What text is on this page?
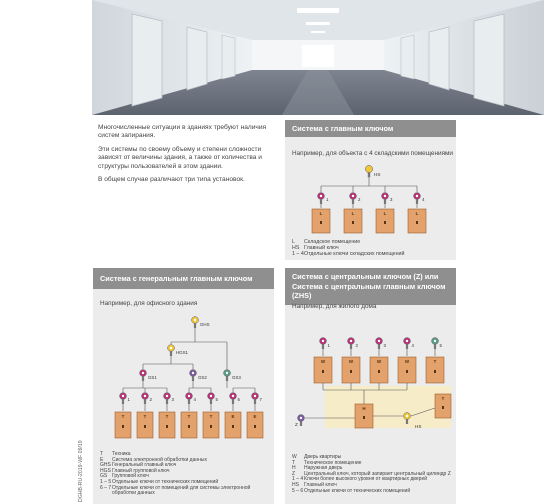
Многочисленные ситуации в зданиях требуют наличия систем запирания.

Эти системы по своему объему и степени сложности зависят от величины здания, а также от количества и структуры пользователей в этом здании.

В общем случае различают три типа установок.

Система с главным ключом
Например, для объекта с 4 складскими помещениями
HS
1
L
2
L
3
L
4
L
L	Складское помещение
HS Главный ключ
1 – 4 Отдельные ключи складских помещений
Система с генеральным главным ключом
Например, для офисного здания
GHS
HGS1
GS1	GS2	GS3
1
T
2
T
3
T
4
T
5
T
6
E
7
E
T	Техника
E	Система электронной обработки данных
GHS Генеральный главный ключ
HGS Главный групповой ключ
GS Групповой ключ
1 – 5 Отдельные ключи от технических помещений
6 – 7 Отдельные ключи от помещений для системы электронной обработки данных
Система с центральным ключом (Z) или
Система с центральным главным ключом (ZHS)
Например, для жилого дома
1
W
2
W
3
W
4
W
5
T
H
T
Z	HS
W	Дверь квартиры
T	Техническое помещение
H	Наружная дверь
Z	Центральный ключ, который запирает центральный цилиндр Z
1 – 4 Ключи более высокого уровня от квартирных дверей
HS	Главный ключ
5 – 6 Отдельные ключи от технических помещений
DGHB-RU-2019-WF 09/19
